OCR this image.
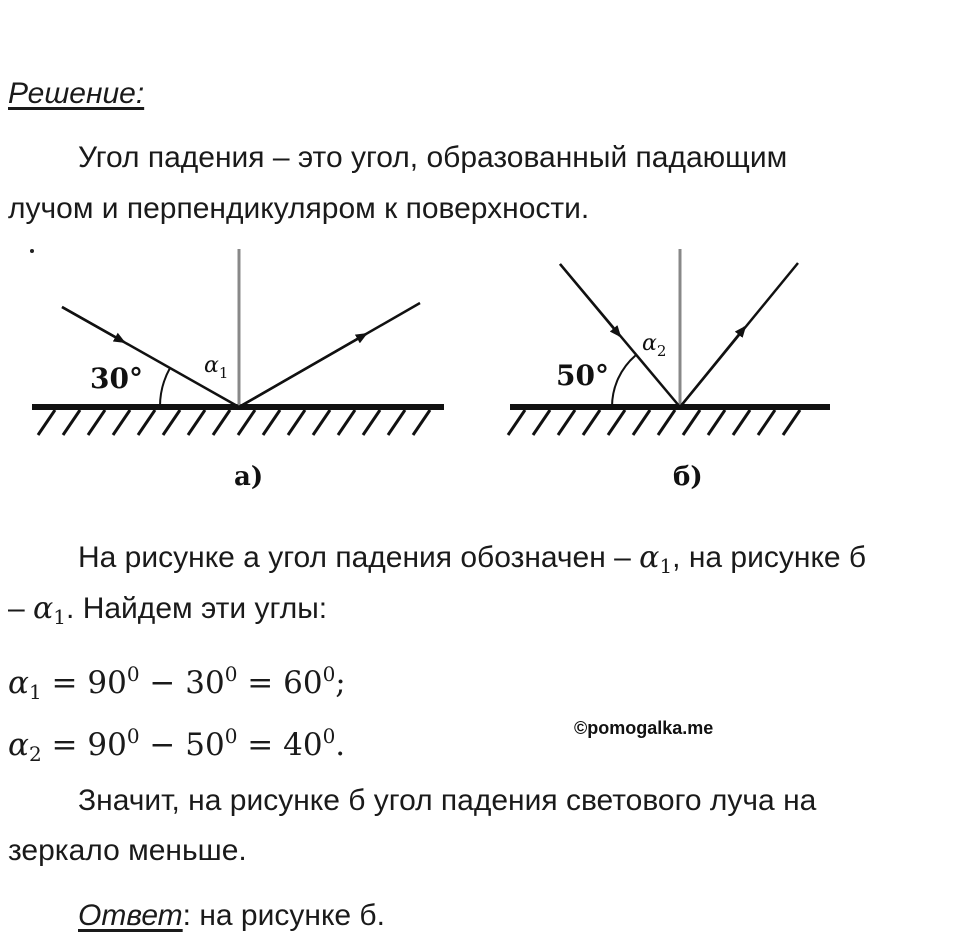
Решение:
Угол падения – это угол, образованный падающим
лучом и перпендикуляром к поверхности.
30°	$\alpha_1$
а)
50°
$\alpha_2$
б)
На рисунке а угол падения обозначен – $\alpha_1$, на рисунке б
– $\alpha_1$. Найдем эти углы:
$\alpha_1 = 90^0 - 30^0 = 60^0$;
$\alpha_2 = 90^0 - 50^0 = 40^0$.	©pomogalka.me
Значит, на рисунке б угол падения светового луча на
зеркало меньше.
Ответ: на рисунке б.
